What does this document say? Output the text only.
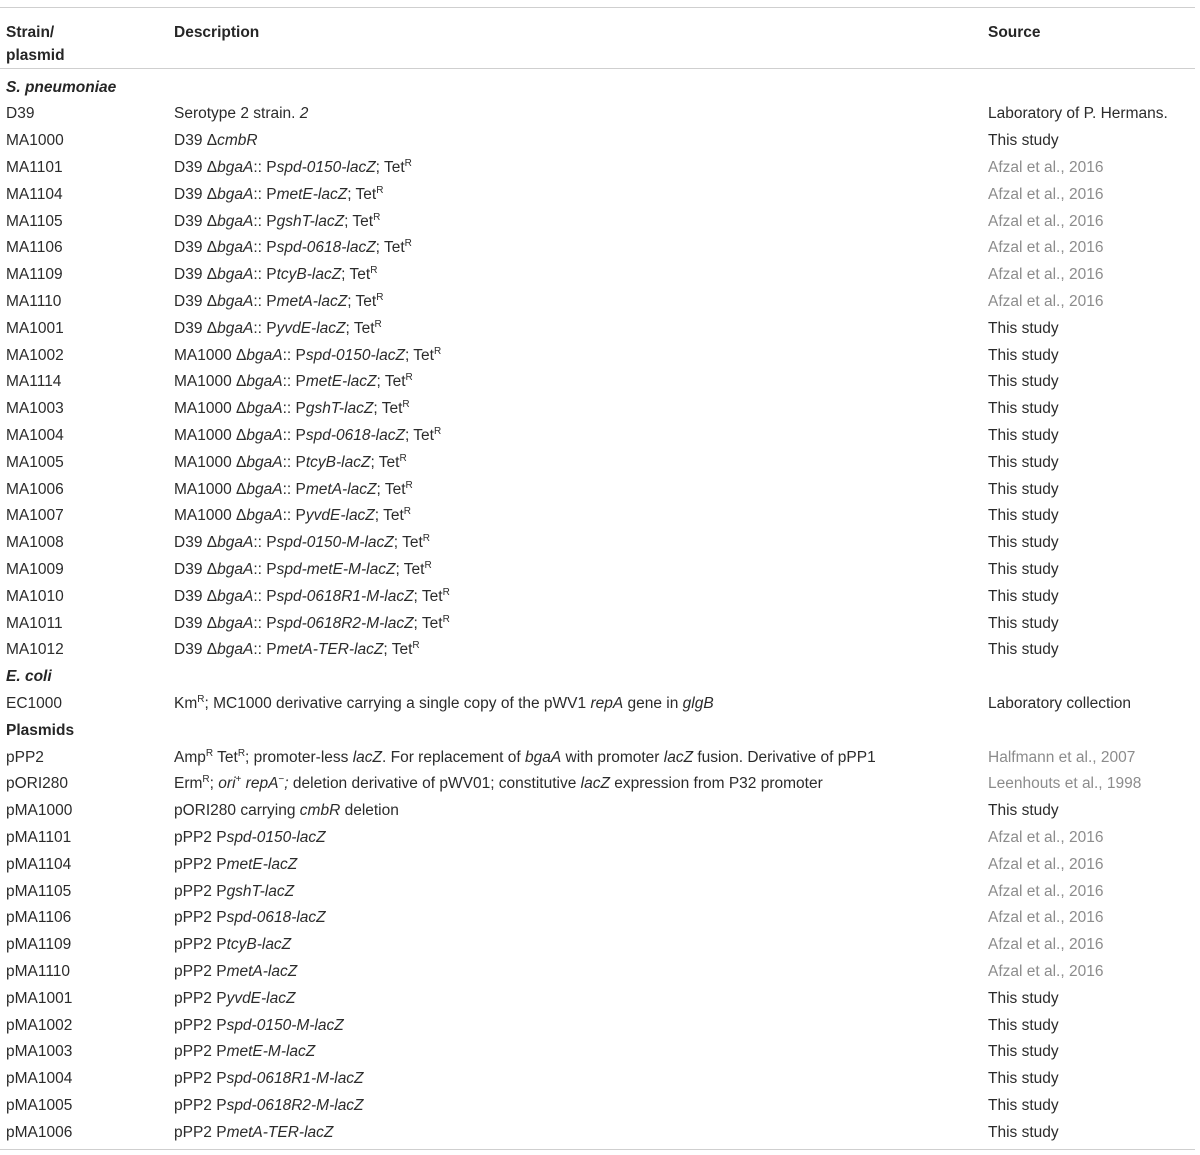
Strain/
plasmid
Description	Source
S. pneumoniae
D39	Serotype 2 strain. 2	Laboratory of P. Hermans.
MA1000	D39 ΔcmbR	This study
MA1101	D39 ΔbgaA:: Pspd-0150-lacZ; Tet$^R$	Afzal et al., 2016
MA1104	D39 ΔbgaA:: PmetE-lacZ; Tet$^R$	Afzal et al., 2016
MA1105	D39 ΔbgaA:: PgshT-lacZ; Tet$^R$	Afzal et al., 2016
MA1106	D39 ΔbgaA:: Pspd-0618-lacZ; Tet$^R$	Afzal et al., 2016
MA1109	D39 ΔbgaA:: PtcyB-lacZ; Tet$^R$	Afzal et al., 2016
MA1110	D39 ΔbgaA:: PmetA-lacZ; Tet$^R$	Afzal et al., 2016
MA1001	D39 ΔbgaA:: PyvdE-lacZ; Tet$^R$	This study
MA1002	MA1000 ΔbgaA:: Pspd-0150-lacZ; Tet$^R$	This study
MA1114	MA1000 ΔbgaA:: PmetE-lacZ; Tet$^R$	This study
MA1003	MA1000 ΔbgaA:: PgshT-lacZ; Tet$^R$	This study
MA1004	MA1000 ΔbgaA:: Pspd-0618-lacZ; Tet$^R$	This study
MA1005	MA1000 ΔbgaA:: PtcyB-lacZ; Tet$^R$	This study
MA1006	MA1000 ΔbgaA:: PmetA-lacZ; Tet$^R$	This study
MA1007	MA1000 ΔbgaA:: PyvdE-lacZ; Tet$^R$	This study
MA1008	D39 ΔbgaA:: Pspd-0150-M-lacZ; Tet$^R$	This study
MA1009	D39 ΔbgaA:: Pspd-metE-M-lacZ; Tet$^R$	This study
MA1010	D39 ΔbgaA:: Pspd-0618R1-M-lacZ; Tet$^R$	This study
MA1011	D39 ΔbgaA:: Pspd-0618R2-M-lacZ; Tet$^R$	This study
MA1012	D39 ΔbgaA:: PmetA-TER-lacZ; Tet$^R$	This study
E. coli
EC1000	$Km^R$; MC1000 derivative carrying a single copy of the pWV1 repA gene in glgB	Laboratory collection
Plasmids
pPP2	Amp$^R$ Tet$^R$; promoter-less lacZ. For replacement of bgaA with promoter lacZ fusion. Derivative of pPP1	Halfmann et al., 2007
pORI280	Erm$^R$; ori+ repA−; deletion derivative of pWV01; constitutive lacZ expression from P32 promoter	Leenhouts et al., 1998
pMA1000	pORI280 carrying cmbR deletion	This study
pMA1101	pPP2 Pspd-0150-lacZ	Afzal et al., 2016
pMA1104	pPP2 PmetE-lacZ	Afzal et al., 2016
pMA1105	pPP2 PgshT-lacZ	Afzal et al., 2016
pMA1106	pPP2 Pspd-0618-lacZ	Afzal et al., 2016
pMA1109	pPP2 PtcyB-lacZ	Afzal et al., 2016
pMA1110	pPP2 PmetA-lacZ	Afzal et al., 2016
pMA1001	pPP2 PyvdE-lacZ	This study
pMA1002	pPP2 Pspd-0150-M-lacZ	This study
pMA1003	pPP2 PmetE-M-lacZ	This study
pMA1004	pPP2 Pspd-0618R1-M-lacZ	This study
pMA1005	pPP2 Pspd-0618R2-M-lacZ	This study
pMA1006	pPP2 PmetA-TER-lacZ	This study
